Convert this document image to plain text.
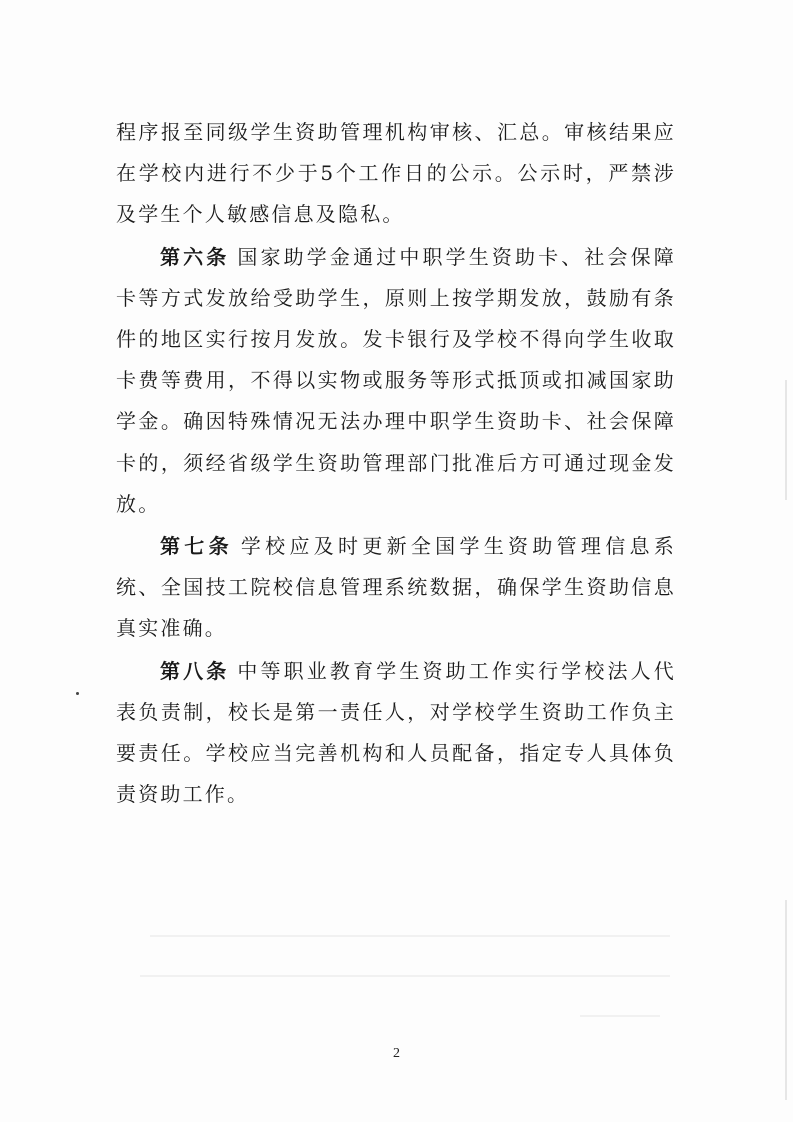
程序报至同级学生资助管理机构审核、汇总。审核结果应在学校内进行不少于5个工作日的公示。公示时，严禁涉及学生个人敏感信息及隐私。

第六条 国家助学金通过中职学生资助卡、社会保障卡等方式发放给受助学生，原则上按学期发放，鼓励有条件的地区实行按月发放。发卡银行及学校不得向学生收取卡费等费用，不得以实物或服务等形式抵顶或扣减国家助学金。确因特殊情况无法办理中职学生资助卡、社会保障卡的，须经省级学生资助管理部门批准后方可通过现金发放。

第七条 学校应及时更新全国学生资助管理信息系统、全国技工院校信息管理系统数据，确保学生资助信息真实准确。

第八条 中等职业教育学生资助工作实行学校法人代表负责制，校长是第一责任人，对学校学生资助工作负主要责任。学校应当完善机构和人员配备，指定专人具体负责资助工作。

2
